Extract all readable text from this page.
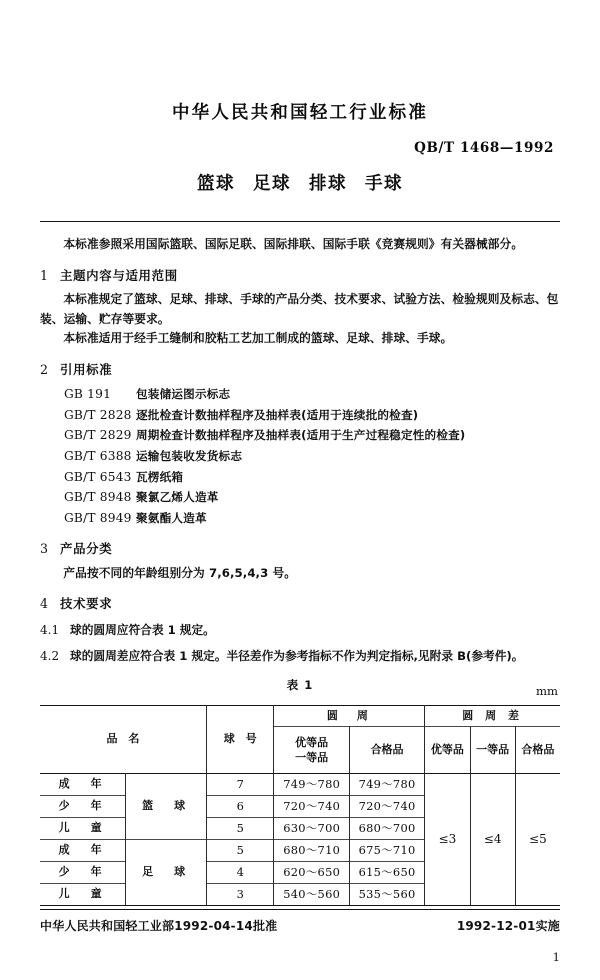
中华人民共和国轻工行业标准
QB/T 1468—1992
篮球 足球 排球 手球

本标准参照采用国际篮联、国际足联、国际排联、国际手联《竞赛规则》有关器械部分。

1 主题内容与适用范围

本标准规定了篮球、足球、排球、手球的产品分类、技术要求、试验方法、检验规则及标志、包装、运输、贮存等要求。

本标准适用于经手工缝制和胶粘工艺加工制成的篮球、足球、排球、手球。

2 引用标准
GB 191	包装储运图示标志
GB/T 2828 逐批检查计数抽样程序及抽样表(适用于连续批的检查)
GB/T 2829 周期检查计数抽样程序及抽样表(适用于生产过程稳定性的检查)
GB/T 6388 运输包装收发货标志
GB/T 6543 瓦楞纸箱
GB/T 8948 聚氯乙烯人造革
GB/T 8949 聚氨酯人造革
3 产品分类

产品按不同的年龄组别分为 7,6,5,4,3 号。

4 技术要求
4.1 球的圆周应符合表 1 规定。
4.2 球的圆周差应符合表 1 规定。半径差作为参考指标不作为判定指标,见附录 B(参考件)。
表 1	mm
品　名		球　号	圆　周		圆 周 差		

			优等品
一等品	合格品	优等品	一等品	合格品
成　年	篮　球	7	749～780	749～780	≤3	≤4	≤5
少　年		6	720～740	720～740			
儿　童		5	630～700	680～700			
成　年	足　球	5	680～710	675～710			
少　年		4	620～650	615～650			
儿　童		3	540～560	535～560			
中华人民共和国轻工业部1992-04-14批准	1992-12-01实施
1
